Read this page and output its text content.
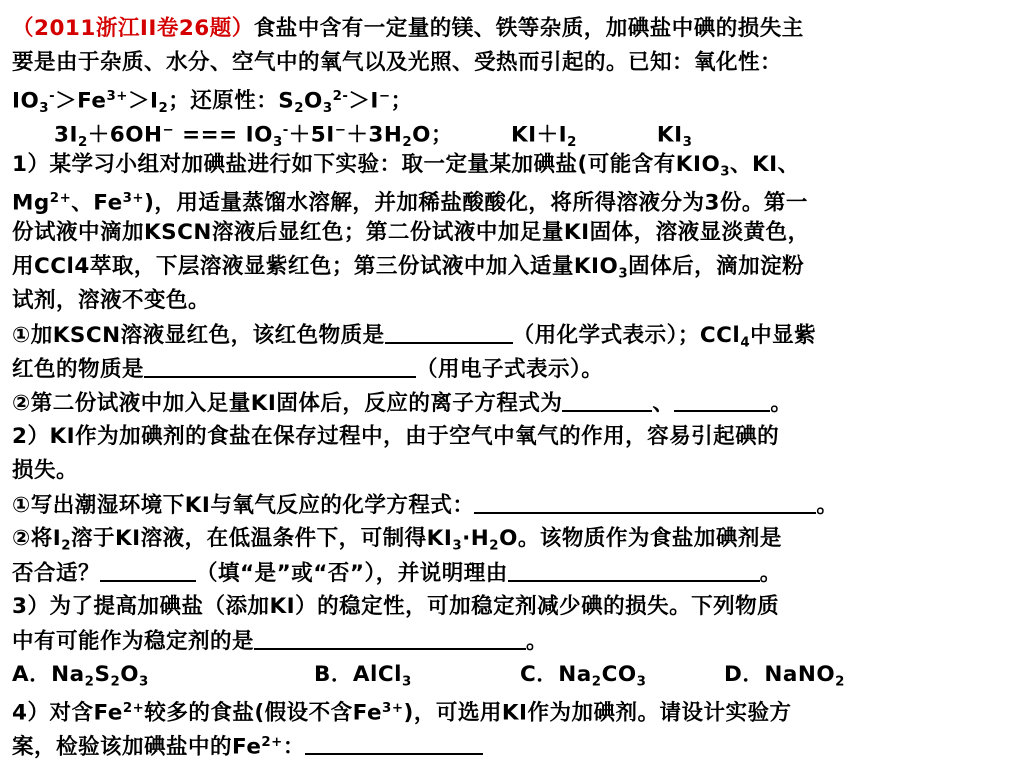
（2011浙江II卷26题）食盐中含有一定量的镁、铁等杂质，加碘盐中碘的损失主
要是由于杂质、水分、空气中的氧气以及光照、受热而引起的。已知：氧化性：
$IO_3^->Fe^{3+}>I_2$；还原性：$S_2O_3^{2-}>I^-$；
$3I_2+6OH^-$ === $IO_3^-+5I^-+3H_2O$；	$KI+I_2$	$KI_3$
1）某学习小组对加碘盐进行如下实验：取一定量某加碘盐(可能含有$KIO_3$、KI、
$Mg^{2+}$、$Fe^{3+}$)，用适量蒸馏水溶解，并加稀盐酸酸化，将所得溶液分为3份。第一
份试液中滴加KSCN溶液后显红色；第二份试液中加足量KI固体，溶液显淡黄色，
用CCl4萃取，下层溶液显紫红色；第三份试液中加入适量$KIO_3$固体后，滴加淀粉
试剂，溶液不变色。
①加KSCN溶液显红色，该红色物质是	（用化学式表示）；CCl$_4$中显紫
红色的物质是	（用电子式表示）。
②第二份试液中加入足量KI固体后，反应的离子方程式为	、	。
2）KI作为加碘剂的食盐在保存过程中，由于空气中氧气的作用，容易引起碘的
损失。
①写出潮湿环境下KI与氧气反应的化学方程式：	。
②将$I_2$溶于KI溶液，在低温条件下，可制得$KI_3\cdot H_2O$。该物质作为食盐加碘剂是
否合适？	（填“是”或“否”），并说明理由	。
3）为了提高加碘盐（添加KI）的稳定性，可加稳定剂减少碘的损失。下列物质
中有可能作为稳定剂的是	。
A．$Na_2S_2O_3$	B．AlCl$_3$	C．$Na_2CO_3$	D．NaNO$_2$
4）对含$Fe^{2+}$较多的食盐(假设不含$Fe^{3+}$)，可选用KI作为加碘剂。请设计实验方
案，检验该加碘盐中的$Fe^{2+}$：
